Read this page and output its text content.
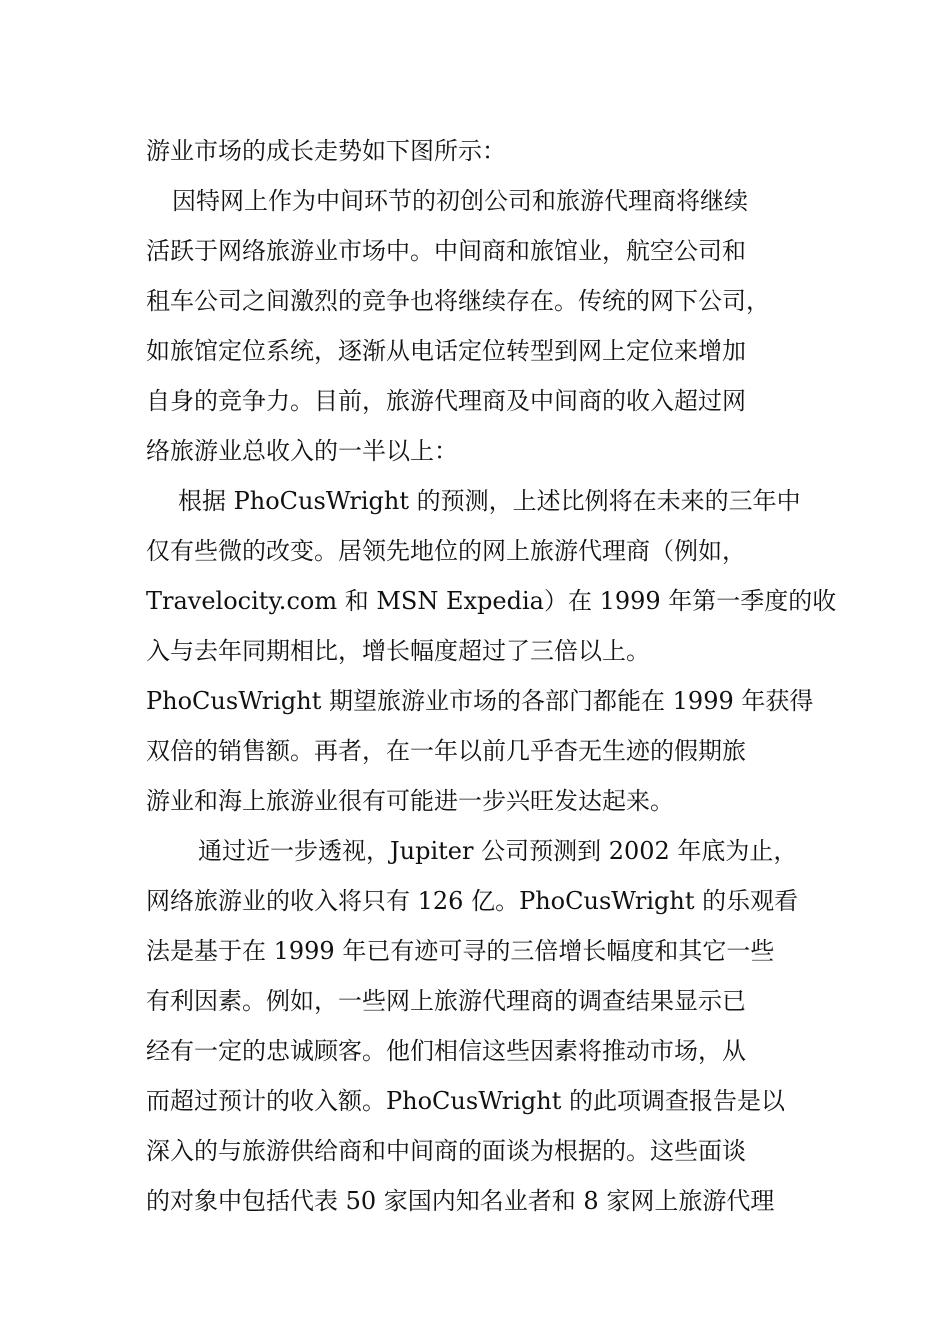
游业市场的成长走势如下图所示：
因特网上作为中间环节的初创公司和旅游代理商将继续
活跃于网络旅游业市场中。中间商和旅馆业，航空公司和
租车公司之间激烈的竞争也将继续存在。传统的网下公司，
如旅馆定位系统，逐渐从电话定位转型到网上定位来增加
自身的竞争力。目前，旅游代理商及中间商的收入超过网
络旅游业总收入的一半以上：
根据 PhoCusWright 的预测，上述比例将在未来的三年中
仅有些微的改变。居领先地位的网上旅游代理商（例如，
Travelocity.com 和 MSN Expedia）在 1999 年第一季度的收
入与去年同期相比，增长幅度超过了三倍以上。
PhoCusWright 期望旅游业市场的各部门都能在 1999 年获得
双倍的销售额。再者，在一年以前几乎杳无生迹的假期旅
游业和海上旅游业很有可能进一步兴旺发达起来。
通过近一步透视，Jupiter 公司预测到 2002 年底为止，
网络旅游业的收入将只有 126 亿。PhoCusWright 的乐观看
法是基于在 1999 年已有迹可寻的三倍增长幅度和其它一些
有利因素。例如，一些网上旅游代理商的调查结果显示已
经有一定的忠诚顾客。他们相信这些因素将推动市场，从
而超过预计的收入额。PhoCusWright 的此项调查报告是以
深入的与旅游供给商和中间商的面谈为根据的。这些面谈
的对象中包括代表 50 家国内知名业者和 8 家网上旅游代理
